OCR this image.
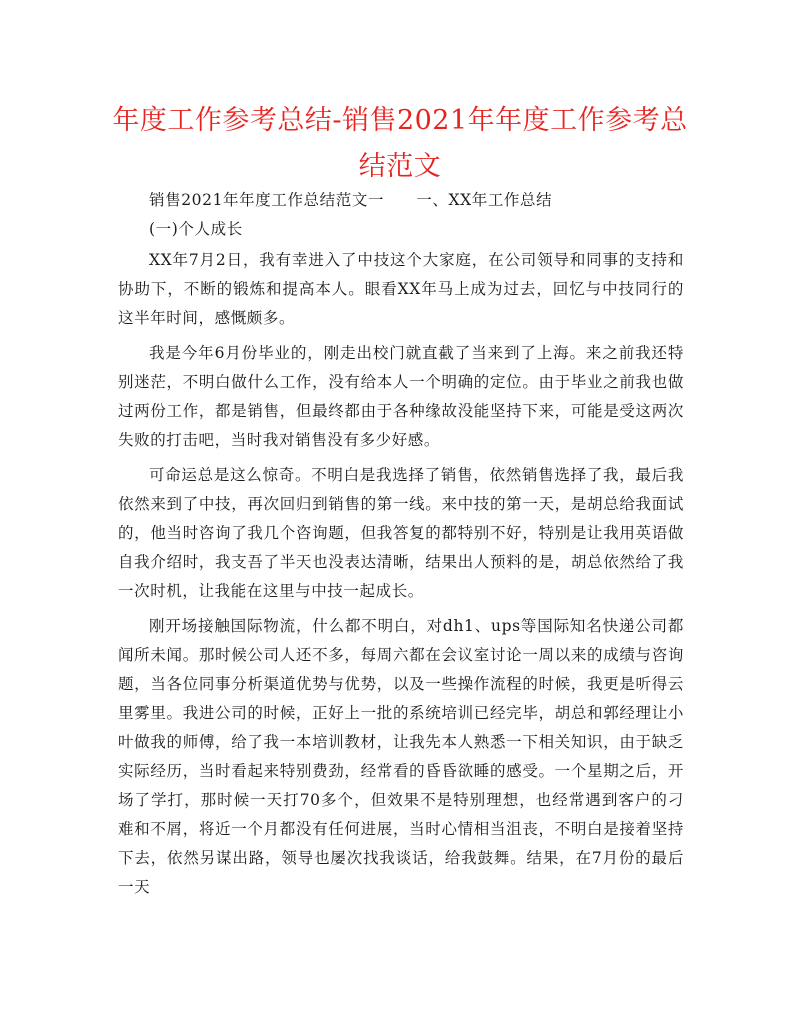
年度工作参考总结-销售2021年年度工作参考总结范文

销售2021年年度工作总结范文一　　一、XX年工作总结

(一)个人成长

XX年7月2日，我有幸进入了中技这个大家庭，在公司领导和同事的支持和协助下，不断的锻炼和提高本人。眼看XX年马上成为过去，回忆与中技同行的这半年时间，感慨颇多。

我是今年6月份毕业的，刚走出校门就直截了当来到了上海。来之前我还特别迷茫，不明白做什么工作，没有给本人一个明确的定位。由于毕业之前我也做过两份工作，都是销售，但最终都由于各种缘故没能坚持下来，可能是受这两次失败的打击吧，当时我对销售没有多少好感。

可命运总是这么惊奇。不明白是我选择了销售，依然销售选择了我，最后我依然来到了中技，再次回归到销售的第一线。来中技的第一天，是胡总给我面试的，他当时咨询了我几个咨询题，但我答复的都特别不好，特别是让我用英语做自我介绍时，我支吾了半天也没表达清晰，结果出人预料的是，胡总依然给了我一次时机，让我能在这里与中技一起成长。

刚开场接触国际物流，什么都不明白，对dh1、ups等国际知名快递公司都闻所未闻。那时候公司人还不多，每周六都在会议室讨论一周以来的成绩与咨询题，当各位同事分析渠道优势与优势，以及一些操作流程的时候，我更是听得云里雾里。我进公司的时候，正好上一批的系统培训已经完毕，胡总和郭经理让小叶做我的师傅，给了我一本培训教材，让我先本人熟悉一下相关知识，由于缺乏实际经历，当时看起来特别费劲，经常看的昏昏欲睡的感受。一个星期之后，开场了学打，那时候一天打70多个，但效果不是特别理想，也经常遇到客户的刁难和不屑，将近一个月都没有任何进展，当时心情相当沮丧，不明白是接着坚持下去，依然另谋出路，领导也屡次找我谈话，给我鼓舞。结果，在7月份的最后一天
